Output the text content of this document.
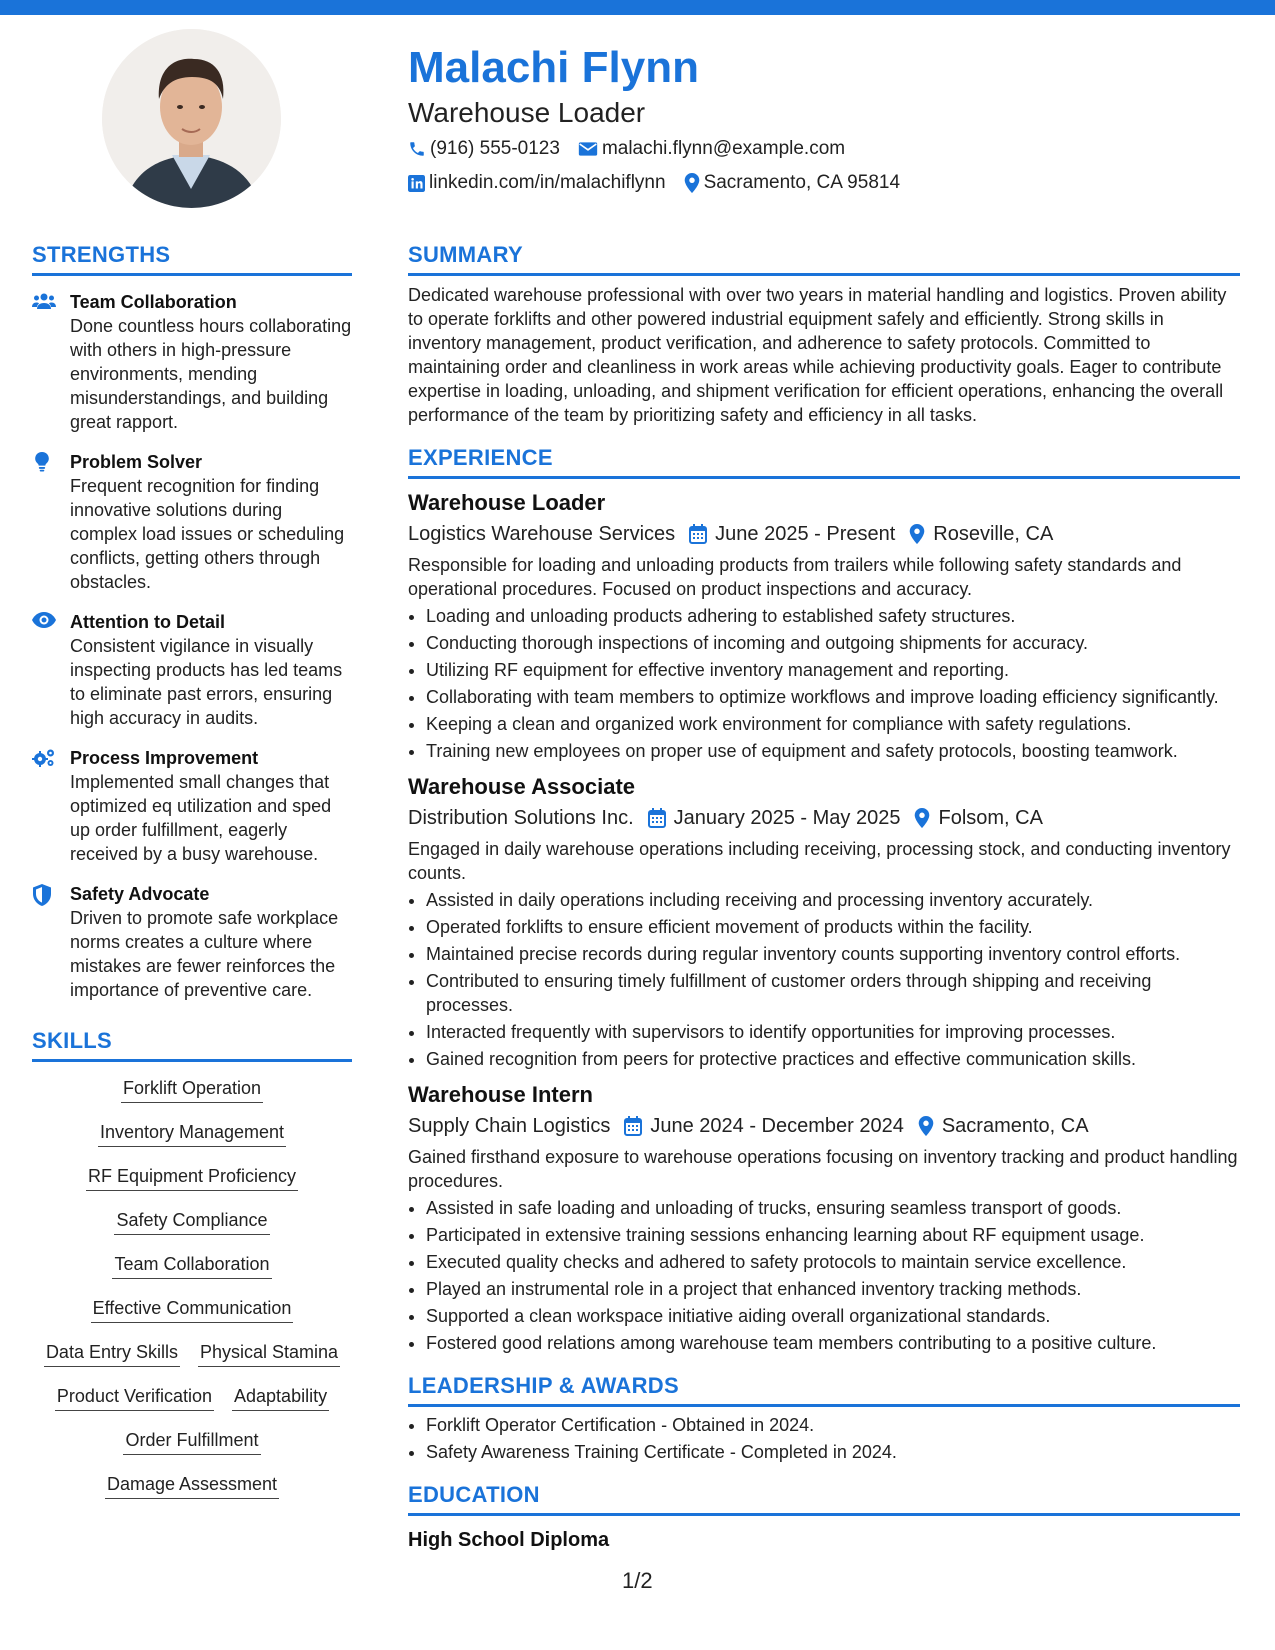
Malachi Flynn
Warehouse Loader
(916) 555-0123 malachi.flynn@example.com
linkedin.com/in/malachiflynn Sacramento, CA 95814
STRENGTHS
Team Collaboration
Done countless hours collaborating with others in high-pressure environments, mending misunderstandings, and building great rapport.
Problem Solver
Frequent recognition for finding innovative solutions during complex load issues or scheduling conflicts, getting others through obstacles.
Attention to Detail
Consistent vigilance in visually inspecting products has led teams to eliminate past errors, ensuring high accuracy in audits.
Process Improvement
Implemented small changes that optimized eq utilization and sped up order fulfillment, eagerly received by a busy warehouse.
Safety Advocate
Driven to promote safe workplace norms creates a culture where mistakes are fewer reinforces the importance of preventive care.
SKILLS
Forklift Operation
Inventory Management
RF Equipment Proficiency
Safety Compliance
Team Collaboration
Effective Communication
Data Entry Skills Physical Stamina
Product Verification Adaptability
Order Fulfillment
Damage Assessment
SUMMARY
Dedicated warehouse professional with over two years in material handling and logistics. Proven ability to operate forklifts and other powered industrial equipment safely and efficiently. Strong skills in inventory management, product verification, and adherence to safety protocols. Committed to maintaining order and cleanliness in work areas while achieving productivity goals. Eager to contribute expertise in loading, unloading, and shipment verification for efficient operations, enhancing the overall performance of the team by prioritizing safety and efficiency in all tasks.
EXPERIENCE
Warehouse Loader
Logistics Warehouse Services June 2025 - Present Roseville, CA
Responsible for loading and unloading products from trailers while following safety standards and operational procedures. Focused on product inspections and accuracy.
• Loading and unloading products adhering to established safety structures.
• Conducting thorough inspections of incoming and outgoing shipments for accuracy.
• Utilizing RF equipment for effective inventory management and reporting.
• Collaborating with team members to optimize workflows and improve loading efficiency significantly.
• Keeping a clean and organized work environment for compliance with safety regulations.
• Training new employees on proper use of equipment and safety protocols, boosting teamwork.
Warehouse Associate
Distribution Solutions Inc. January 2025 - May 2025 Folsom, CA
Engaged in daily warehouse operations including receiving, processing stock, and conducting inventory counts.
• Assisted in daily operations including receiving and processing inventory accurately.
• Operated forklifts to ensure efficient movement of products within the facility.
• Maintained precise records during regular inventory counts supporting inventory control efforts.
• Contributed to ensuring timely fulfillment of customer orders through shipping and receiving processes.
• Interacted frequently with supervisors to identify opportunities for improving processes.
• Gained recognition from peers for protective practices and effective communication skills.
Warehouse Intern
Supply Chain Logistics June 2024 - December 2024 Sacramento, CA
Gained firsthand exposure to warehouse operations focusing on inventory tracking and product handling procedures.
• Assisted in safe loading and unloading of trucks, ensuring seamless transport of goods.
• Participated in extensive training sessions enhancing learning about RF equipment usage.
• Executed quality checks and adhered to safety protocols to maintain service excellence.
• Played an instrumental role in a project that enhanced inventory tracking methods.
• Supported a clean workspace initiative aiding overall organizational standards.
• Fostered good relations among warehouse team members contributing to a positive culture.
LEADERSHIP & AWARDS
• Forklift Operator Certification - Obtained in 2024.
• Safety Awareness Training Certificate - Completed in 2024.
EDUCATION
High School Diploma
1/2
